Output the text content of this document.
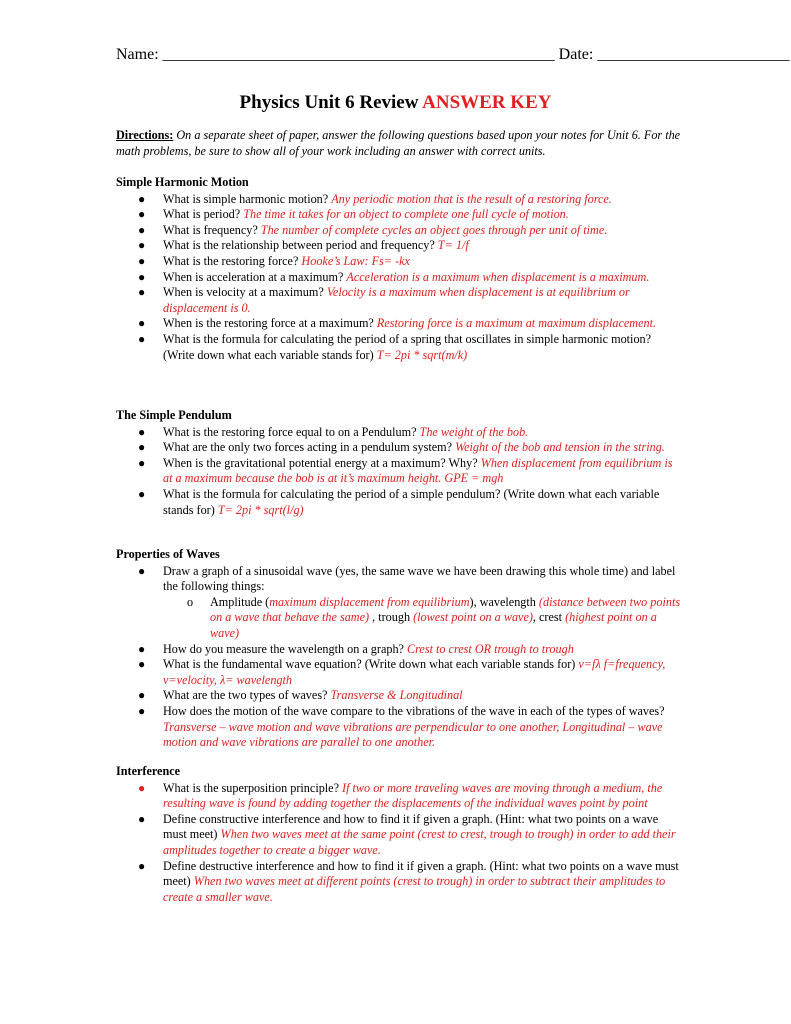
Name: _________________________________________________ Date: ________________________
Physics Unit 6 Review ANSWER KEY
Directions: On a separate sheet of paper, answer the following questions based upon your notes for Unit 6. For the math problems, be sure to show all of your work including an answer with correct units.
Simple Harmonic Motion
● What is simple harmonic motion? Any periodic motion that is the result of a restoring force.
● What is period? The time it takes for an object to complete one full cycle of motion.
● What is frequency? The number of complete cycles an object goes through per unit of time.
● What is the relationship between period and frequency? T= 1/f
● What is the restoring force? Hooke’s Law: Fs= -kx
● When is acceleration at a maximum? Acceleration is a maximum when displacement is a maximum.
● When is velocity at a maximum? Velocity is a maximum when displacement is at equilibrium or displacement is 0.
● When is the restoring force at a maximum? Restoring force is a maximum at maximum displacement.
● What is the formula for calculating the period of a spring that oscillates in simple harmonic motion? (Write down what each variable stands for) T= 2pi * sqrt(m/k)
The Simple Pendulum
● What is the restoring force equal to on a Pendulum? The weight of the bob.
● What are the only two forces acting in a pendulum system? Weight of the bob and tension in the string.
● When is the gravitational potential energy at a maximum? Why? When displacement from equilibrium is at a maximum because the bob is at it’s maximum height. GPE = mgh
● What is the formula for calculating the period of a simple pendulum? (Write down what each variable stands for) T= 2pi * sqrt(l/g)
Properties of Waves
● Draw a graph of a sinusoidal wave (yes, the same wave we have been drawing this whole time) and label the following things:
o Amplitude (maximum displacement from equilibrium), wavelength (distance between two points on a wave that behave the same) , trough (lowest point on a wave), crest (highest point on a wave)
● How do you measure the wavelength on a graph? Crest to crest OR trough to trough
● What is the fundamental wave equation? (Write down what each variable stands for) v=fλ f=frequency, v=velocity, λ= wavelength
● What are the two types of waves? Transverse & Longitudinal
● How does the motion of the wave compare to the vibrations of the wave in each of the types of waves? Transverse – wave motion and wave vibrations are perpendicular to one another, Longitudinal – wave motion and wave vibrations are parallel to one another.
Interference
● What is the superposition principle? If two or more traveling waves are moving through a medium, the resulting wave is found by adding together the displacements of the individual waves point by point
● Define constructive interference and how to find it if given a graph. (Hint: what two points on a wave must meet) When two waves meet at the same point (crest to crest, trough to trough) in order to add their amplitudes together to create a bigger wave.
● Define destructive interference and how to find it if given a graph. (Hint: what two points on a wave must meet) When two waves meet at different points (crest to trough) in order to subtract their amplitudes to create a smaller wave.
